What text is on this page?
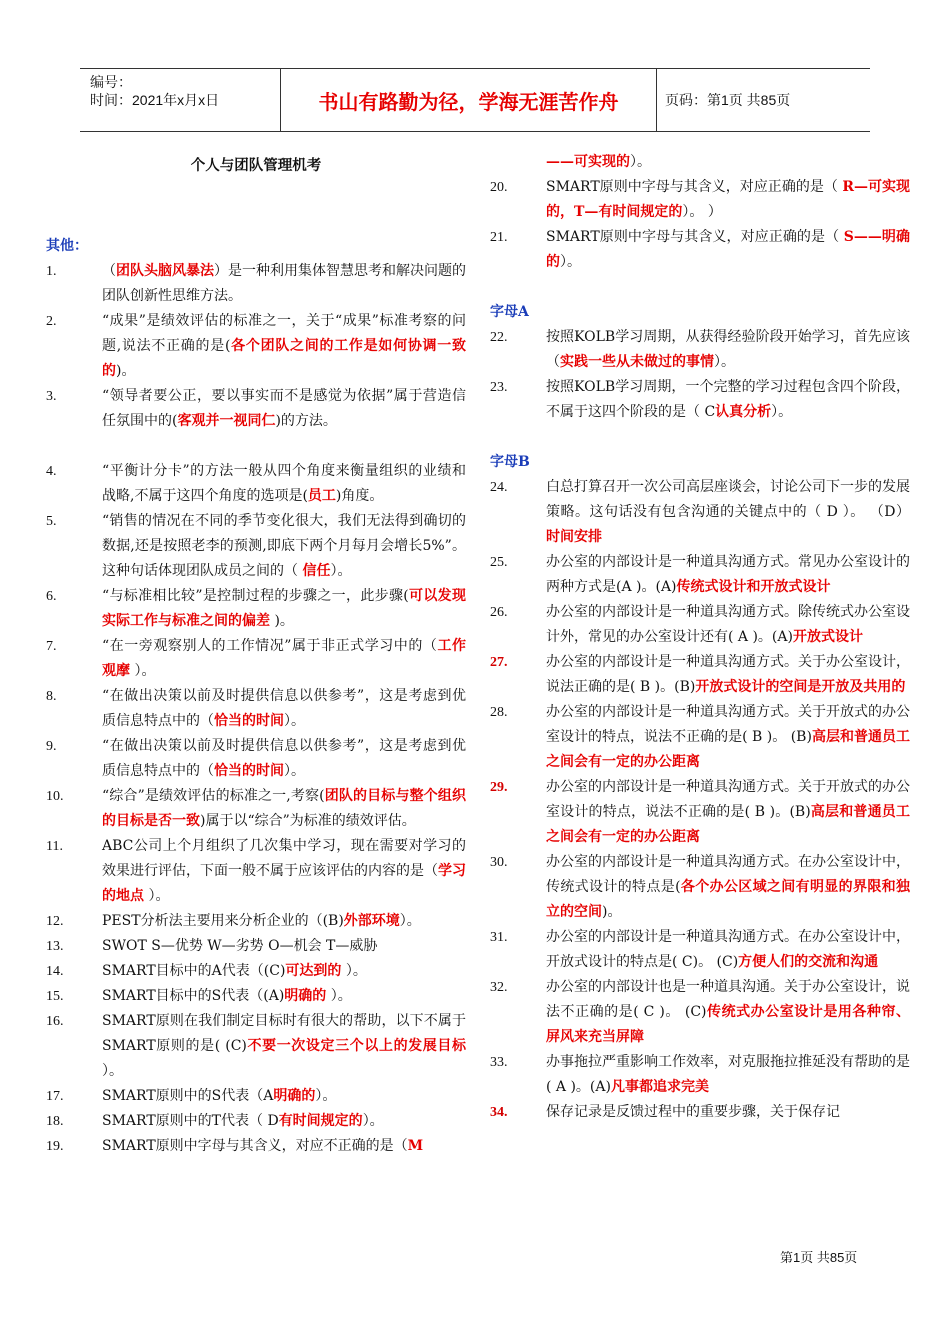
编号：
时间：2021年x月x日	书山有路勤为径，学海无涯苦作舟	页码：第1页 共85页
个人与团队管理机考
其他：
1.	（团队头脑风暴法）是一种利用集体智慧思考和解决问题的团队创新性思维方法。
2.	“成果”是绩效评估的标准之一，关于“成果”标准考察的问题,说法不正确的是(各个团队之间的工作是如何协调一致的)。
3.	“领导者要公正，要以事实而不是感觉为依据”属于营造信任氛围中的(客观并一视同仁)的方法。
4.	“平衡计分卡”的方法一般从四个角度来衡量组织的业绩和战略,不属于这四个角度的选项是(员工)角度。
5.	“销售的情况在不同的季节变化很大，我们无法得到确切的数据,还是按照老李的预测,即底下两个月每月会增长5%”。这种句话体现团队成员之间的（ 信任）。
6.	“与标准相比较”是控制过程的步骤之一，此步骤(可以发现实际工作与标准之间的偏差 )。
7.	“在一旁观察别人的工作情况”属于非正式学习中的（工作观摩 ）。
8.	“在做出决策以前及时提供信息以供参考”，这是考虑到优质信息特点中的（恰当的时间）。
9.	“在做出决策以前及时提供信息以供参考”，这是考虑到优质信息特点中的（恰当的时间）。
10.	“综合”是绩效评估的标准之一,考察(团队的目标与整个组织的目标是否一致)属于以“综合”为标准的绩效评估。
11.	ABC公司上个月组织了几次集中学习，现在需要对学习的效果进行评估，下面一般不属于应该评估的内容的是（学习的地点 ）。
12.	PEST分析法主要用来分析企业的（(B)外部环境）。
13.	SWOT S—优势 W—劣势 O—机会 T—威胁
14.	SMART目标中的A代表（(C)可达到的 ）。
15.	SMART目标中的S代表（(A)明确的 ）。
16.	SMART原则在我们制定目标时有很大的帮助，以下不属于SMART原则的是( (C)不要一次设定三个以上的发展目标 ）。
17.	SMART原则中的S代表（A明确的）。
18.	SMART原则中的T代表（ D有时间规定的）。
19.	SMART原则中字母与其含义，对应不正确的是（M
——可实现的）。
20.	SMART原则中字母与其含义，对应正确的是（ R—可实现的，T—有时间规定的）。 ）
21.	SMART原则中字母与其含义，对应正确的是（ S——明确的）。
字母A
22.	按照KOLB学习周期，从获得经验阶段开始学习，首先应该（实践一些从未做过的事情）。
23.	按照KOLB学习周期，一个完整的学习过程包含四个阶段，不属于这四个阶段的是（ C认真分析）。
字母B
24.	白总打算召开一次公司高层座谈会，讨论公司下一步的发展策略。这句话没有包含沟通的关键点中的（ D ）。 （D）时间安排
25.	办公室的内部设计是一种道具沟通方式。常见办公室设计的两种方式是(A )。(A)传统式设计和开放式设计
26.	办公室的内部设计是一种道具沟通方式。除传统式办公室设计外，常见的办公室设计还有( A )。(A)开放式设计
27.	办公室的内部设计是一种道具沟通方式。关于办公室设计，说法正确的是( B )。(B)开放式设计的空间是开放及共用的
28.	办公室的内部设计是一种道具沟通方式。关于开放式的办公室设计的特点，说法不正确的是( B )。 (B)高层和普通员工之间会有一定的办公距离
29.	办公室的内部设计是一种道具沟通方式。关于开放式的办公室设计的特点，说法不正确的是( B )。(B)高层和普通员工之间会有一定的办公距离
30.	办公室的内部设计是一种道具沟通方式。在办公室设计中，传统式设计的特点是(各个办公区域之间有明显的界限和独立的空间)。
31.	办公室的内部设计是一种道具沟通方式。在办公室设计中，开放式设计的特点是( C)。 (C)方便人们的交流和沟通
32.	办公室的内部设计也是一种道具沟通。关于办公室设计，说法不正确的是( C )。 (C)传统式办公室设计是用各种帘、屏风来充当屏障
33.	办事拖拉严重影响工作效率，对克服拖拉推延没有帮助的是( A )。(A)凡事都追求完美
34.	保存记录是反馈过程中的重要步骤，关于保存记
第1页 共85页
